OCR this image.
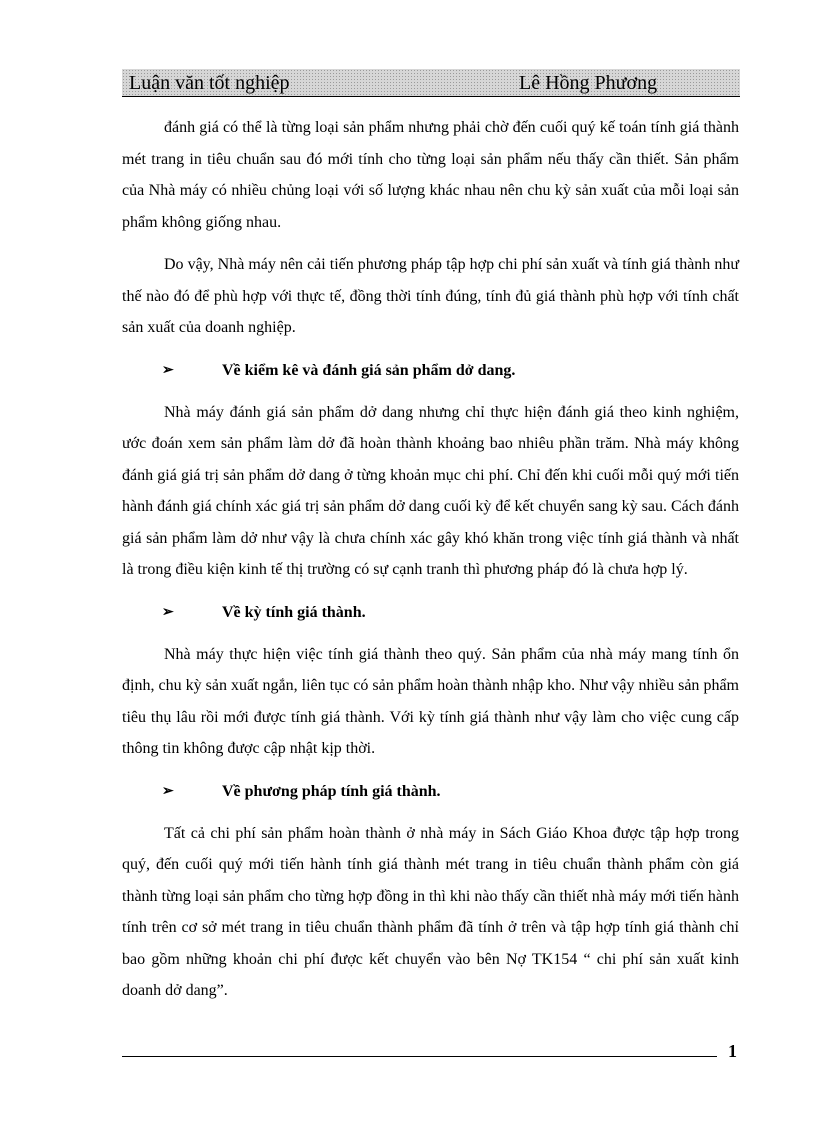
Luận văn tốt nghiệp	Lê Hồng Phương

đánh giá có thể là từng loại sản phẩm nhưng phải chờ đến cuối quý kế toán tính giá thành mét trang in tiêu chuẩn sau đó mới tính cho từng loại sản phẩm nếu thấy cần thiết. Sản phẩm của Nhà máy có nhiều chủng loại với số lượng khác nhau nên chu kỳ sản xuất của mỗi loại sản phẩm không giống nhau.

Do vậy, Nhà máy nên cải tiến phương pháp tập hợp chi phí sản xuất và tính giá thành như thế nào đó để phù hợp với thực tế, đồng thời tính đúng, tính đủ giá thành phù hợp với tính chất sản xuất của doanh nghiệp.

➢	Về kiểm kê và đánh giá sản phẩm dở dang.

Nhà máy đánh giá sản phẩm dở dang nhưng chỉ thực hiện đánh giá theo kinh nghiệm, ước đoán xem sản phẩm làm dở đã hoàn thành khoảng bao nhiêu phần trăm. Nhà máy không đánh giá giá trị sản phẩm dở dang ở từng khoản mục chi phí. Chỉ đến khi cuối mỗi quý mới tiến hành đánh giá chính xác giá trị sản phẩm dở dang cuối kỳ để kết chuyển sang kỳ sau. Cách đánh giá sản phẩm làm dở như vậy là chưa chính xác gây khó khăn trong việc tính giá thành và nhất là trong điều kiện kinh tế thị trường có sự cạnh tranh thì phương pháp đó là chưa hợp lý.

➢	Về kỳ tính giá thành.

Nhà máy thực hiện việc tính giá thành theo quý. Sản phẩm của nhà máy mang tính ổn định, chu kỳ sản xuất ngắn, liên tục có sản phẩm hoàn thành nhập kho. Như vậy nhiều sản phẩm tiêu thụ lâu rồi mới được tính giá thành. Với kỳ tính giá thành như vậy làm cho việc cung cấp thông tin không được cập nhật kịp thời.

➢	Về phương pháp tính giá thành.

Tất cả chi phí sản phẩm hoàn thành ở nhà máy in Sách Giáo Khoa được tập hợp trong quý, đến cuối quý mới tiến hành tính giá thành mét trang in tiêu chuẩn thành phẩm còn giá thành từng loại sản phẩm cho từng hợp đồng in thì khi nào thấy cần thiết nhà máy mới tiến hành tính trên cơ sở mét trang in tiêu chuẩn thành phẩm đã tính ở trên và tập hợp tính giá thành chỉ bao gồm những khoản chi phí được kết chuyển vào bên Nợ TK154 “ chi phí sản xuất kinh doanh dở dang”.

1
